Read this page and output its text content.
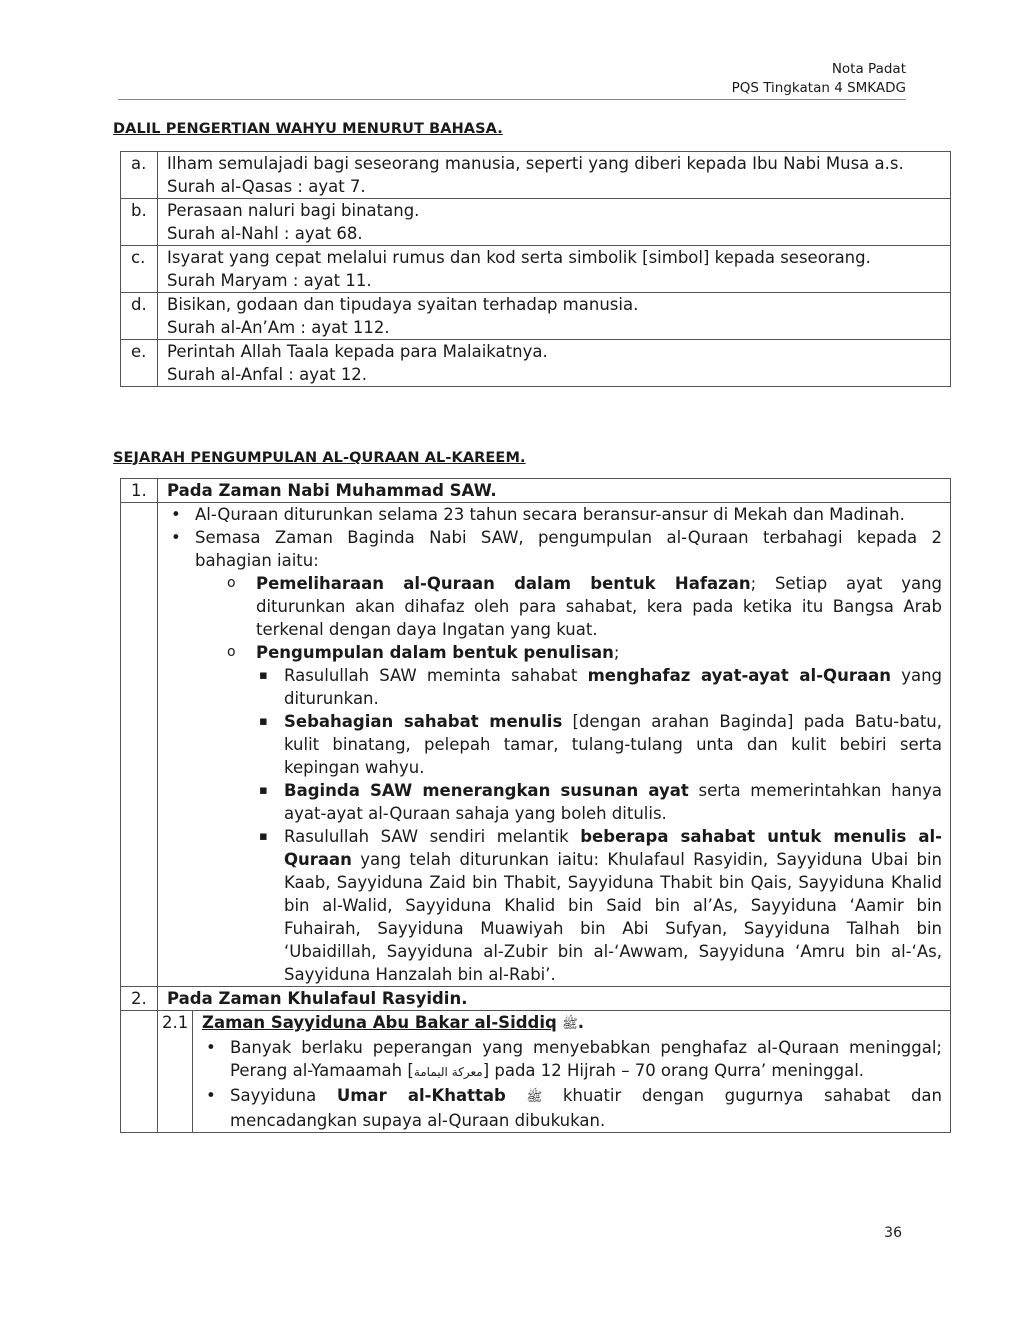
Nota Padat
PQS Tingkatan 4 SMKADG
DALIL PENGERTIAN WAHYU MENURUT BAHASA.
a.	Ilham semulajadi bagi seseorang manusia, seperti yang diberi kepada Ibu Nabi Musa a.s.
Surah al-Qasas : ayat 7.

b.	Perasaan naluri bagi binatang.
Surah al-Nahl : ayat 68.

c.	Isyarat yang cepat melalui rumus dan kod serta simbolik [simbol] kepada seseorang.
Surah Maryam : ayat 11.

d.	Bisikan, godaan dan tipudaya syaitan terhadap manusia.
Surah al-An’Am : ayat 112.

e.	Perintah Allah Taala kepada para Malaikatnya.
Surah al-Anfal : ayat 12.
SEJARAH PENGUMPULAN AL-QURAAN AL-KAREEM.
1.	Pada Zaman Nabi Muhammad SAW.

• Al-Quraan diturunkan selama 23 tahun secara beransur-ansur di Mekah dan Madinah.
• Semasa Zaman Baginda Nabi SAW, pengumpulan al-Quraan terbahagi kepada 2 bahagian iaitu:
o Pemeliharaan al-Quraan dalam bentuk Hafazan; Setiap ayat yang diturunkan akan dihafaz oleh para sahabat, kera pada ketika itu Bangsa Arab terkenal dengan daya Ingatan yang kuat.
o Pengumpulan dalam bentuk penulisan;
▪ Rasulullah SAW meminta sahabat menghafaz ayat-ayat al-Quraan yang diturunkan.
▪ Sebahagian sahabat menulis [dengan arahan Baginda] pada Batu-batu, kulit binatang, pelepah tamar, tulang-tulang unta dan kulit bebiri serta kepingan wahyu.
▪ Baginda SAW menerangkan susunan ayat serta memerintahkan hanya ayat-ayat al-Quraan sahaja yang boleh ditulis.
▪ Rasulullah SAW sendiri melantik beberapa sahabat untuk menulis al-Quraan yang telah diturunkan iaitu: Khulafaul Rasyidin, Sayyiduna Ubai bin Kaab, Sayyiduna Zaid bin Thabit, Sayyiduna Thabit bin Qais, Sayyiduna Khalid bin al-Walid, Sayyiduna Khalid bin Said bin al’As, Sayyiduna ‘Aamir bin Fuhairah, Sayyiduna Muawiyah bin Abi Sufyan, Sayyiduna Talhah bin ‘Ubaidillah, Sayyiduna al-Zubir bin al-‘Awwam, Sayyiduna ‘Amru bin al-‘As, Sayyiduna Hanzalah bin al-Rabi’.

2.	Pada Zaman Khulafaul Rasyidin.

2.1	Zaman Sayyiduna Abu Bakar al-Siddiq ﷺ.
• Banyak berlaku peperangan yang menyebabkan penghafaz al-Quraan meninggal; Perang al-Yamaamah [معركة اليمامة] pada 12 Hijrah – 70 orang Qurra’ meninggal.
• Sayyiduna Umar al-Khattab ﷺ khuatir dengan gugurnya sahabat dan mencadangkan supaya al-Quraan dibukukan.
36
